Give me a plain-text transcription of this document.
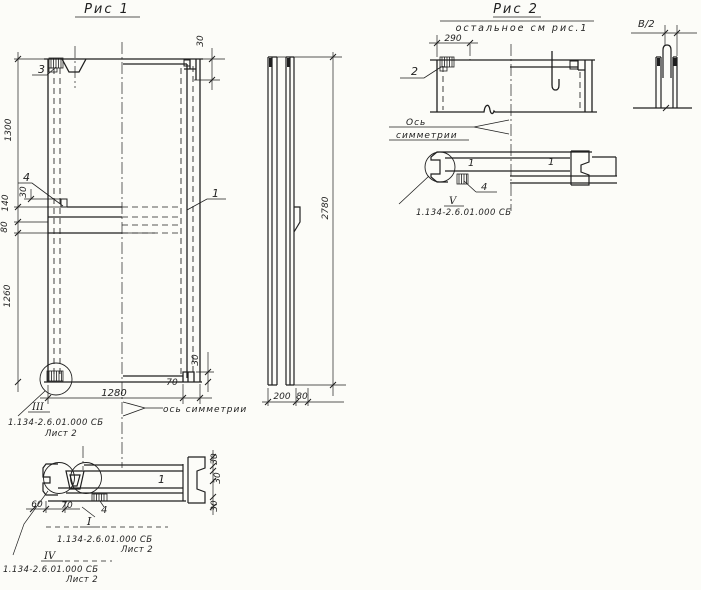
Рис 1
1300
140
80
1260
30
30
30
1280
70
3
4
1
ось симметрии
III
1.134-2.6.01.000 СБ
Лист 2
2780
200 80
1
30
30
30
60 70	4
I
1.134-2.6.01.000 СБ
Лист 2
IV
1.134-2.6.01.000 СБ
Лист 2
Рис 2
остальное см рис.1
290
2
Ось
симметрии
1	1
4
V
1.134-2.6.01.000 СБ
В/2
